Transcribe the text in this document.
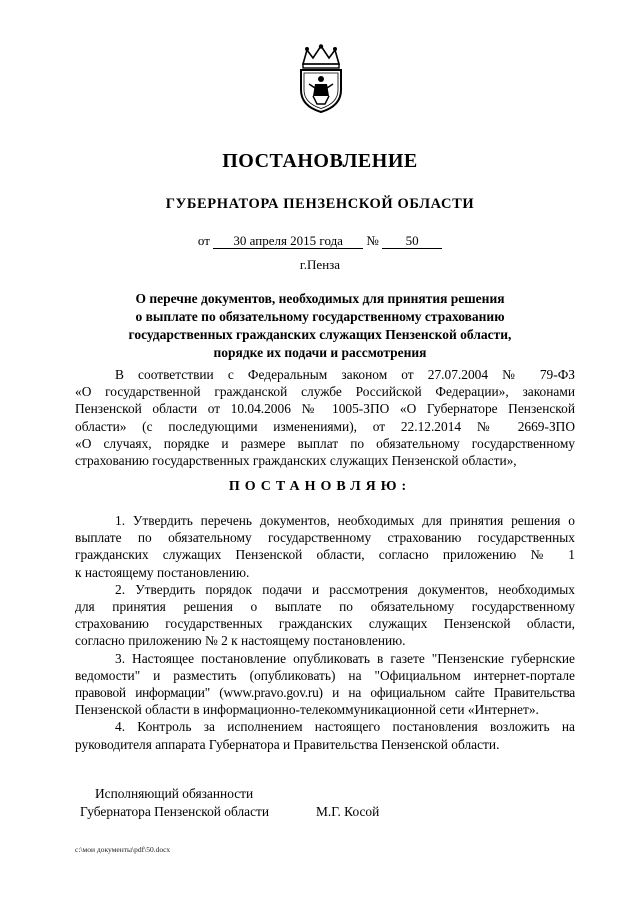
ПОСТАНОВЛЕНИЕ
ГУБЕРНАТОРА ПЕНЗЕНСКОЙ ОБЛАСТИ
от 30 апреля 2015 года № 50
г.Пенза
О перечне документов, необходимых для принятия решения
о выплате по обязательному государственному страхованию
государственных гражданских служащих Пензенской области,
порядке их подачи и рассмотрения
В соответствии с Федеральным законом от 27.07.2004 № 79-ФЗ
«О государственной гражданской службе Российской Федерации», законами
Пензенской области от 10.04.2006 № 1005-ЗПО «О Губернаторе Пензенской
области» (с последующими изменениями), от 22.12.2014 № 2669-ЗПО
«О случаях, порядке и размере выплат по обязательному государственному
страхованию государственных гражданских служащих Пензенской области»,
ПОСТАНОВЛЯЮ:
1. Утвердить перечень документов, необходимых для принятия решения о
выплате по обязательному государственному страхованию государственных
гражданских служащих Пензенской области, согласно приложению № 1
к настоящему постановлению.
2. Утвердить порядок подачи и рассмотрения документов, необходимых
для принятия решения о выплате по обязательному государственному
страхованию государственных гражданских служащих Пензенской области,
согласно приложению № 2 к настоящему постановлению.
3. Настоящее постановление опубликовать в газете "Пензенские губернские
ведомости" и разместить (опубликовать) на "Официальном интернет-портале
правовой информации" (www.pravo.gov.ru) и на официальном сайте Правительства
Пензенской области в информационно-телекоммуникационной сети «Интернет».
4. Контроль за исполнением настоящего постановления возложить на
руководителя аппарата Губернатора и Правительства Пензенской области.
Исполняющий обязанности
Губернатора Пензенской области	М.Г. Косой
c:\мои документы\pdf\50.docx
